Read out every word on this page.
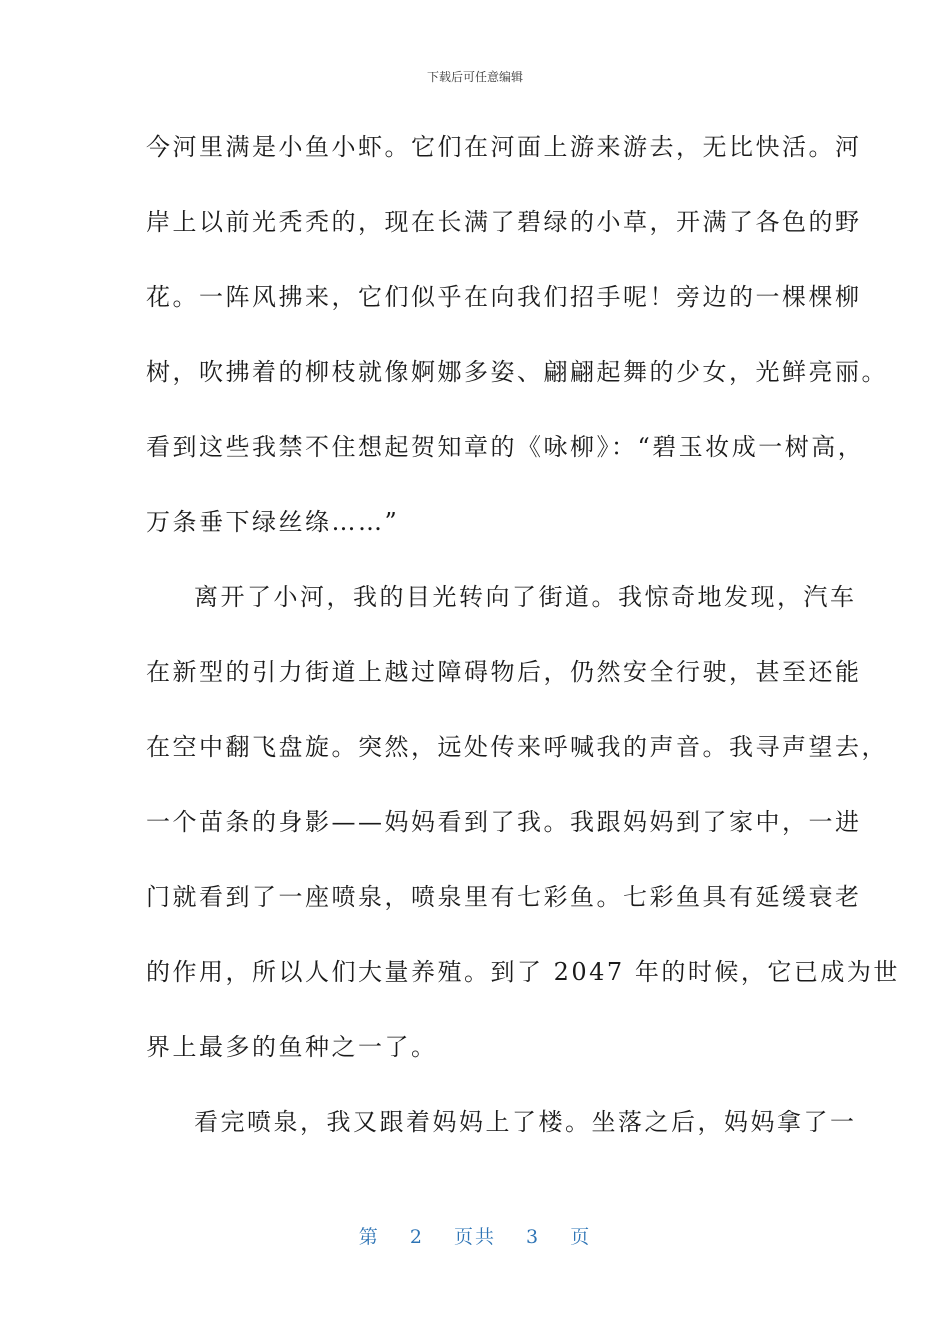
下载后可任意编辑
今河里满是小鱼小虾。它们在河面上游来游去，无比快活。河
岸上以前光秃秃的，现在长满了碧绿的小草，开满了各色的野
花。一阵风拂来，它们似乎在向我们招手呢！旁边的一棵棵柳
树，吹拂着的柳枝就像婀娜多姿、翩翩起舞的少女，光鲜亮丽。
看到这些我禁不住想起贺知章的《咏柳》：“碧玉妆成一树高，
万条垂下绿丝绦……”
离开了小河，我的目光转向了街道。我惊奇地发现，汽车
在新型的引力街道上越过障碍物后，仍然安全行驶，甚至还能
在空中翻飞盘旋。突然，远处传来呼喊我的声音。我寻声望去，
一个苗条的身影——妈妈看到了我。我跟妈妈到了家中，一进
门就看到了一座喷泉，喷泉里有七彩鱼。七彩鱼具有延缓衰老
的作用，所以人们大量养殖。到了 2047 年的时候，它已成为世
界上最多的鱼种之一了。
看完喷泉，我又跟着妈妈上了楼。坐落之后，妈妈拿了一
第 2 页共 3 页
